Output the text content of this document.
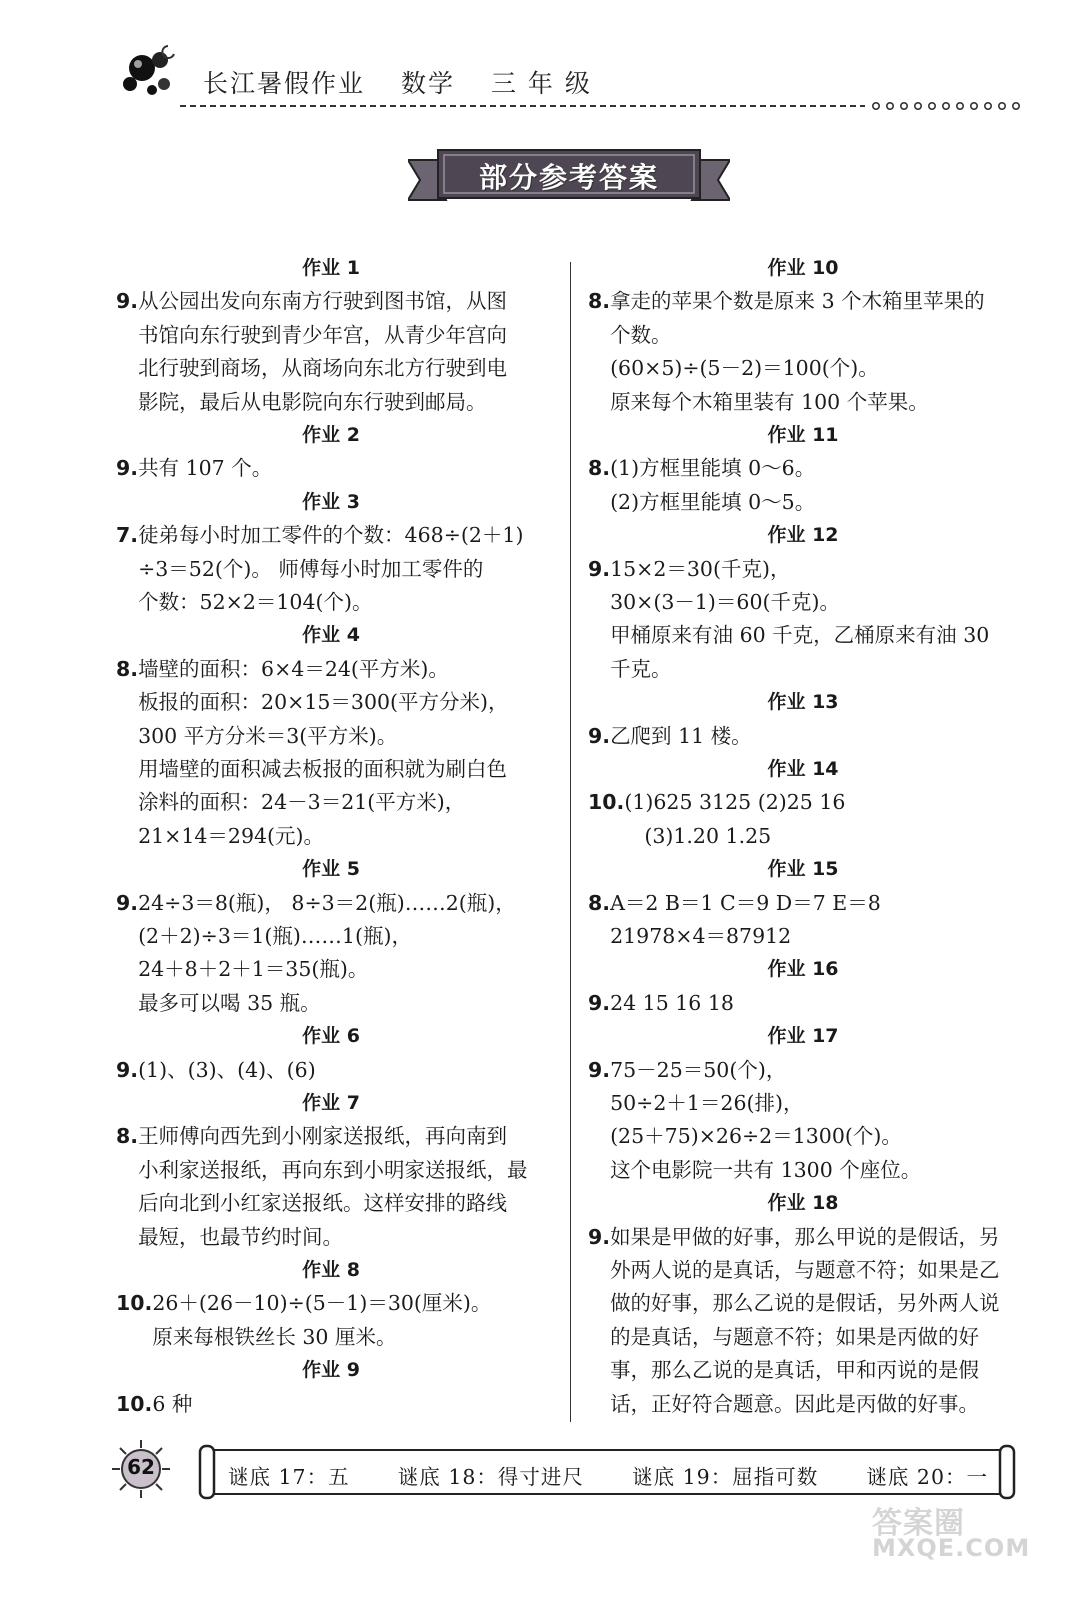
长江暑假作业 数学 三 年 级
部分参考答案
作业 1
9. 从公园出发向东南方行驶到图书馆，从图
书馆向东行驶到青少年宫，从青少年宫向
北行驶到商场，从商场向东北方行驶到电
影院，最后从电影院向东行驶到邮局。
作业 2
9. 共有 107 个。
作业 3
7. 徒弟每小时加工零件的个数：468÷(2＋1)
÷3＝52(个)。 师傅每小时加工零件的
个数：52×2＝104(个)。
作业 4
8. 墙壁的面积：6×4＝24(平方米)。
板报的面积：20×15＝300(平方分米)，
300 平方分米＝3(平方米)。
用墙壁的面积减去板报的面积就为刷白色
涂料的面积：24－3＝21(平方米)，
21×14＝294(元)。
作业 5
9. 24÷3＝8(瓶)， 8÷3＝2(瓶)……2(瓶)，
(2＋2)÷3＝1(瓶)……1(瓶)，
24＋8＋2＋1＝35(瓶)。
最多可以喝 35 瓶。
作业 6
9. (1)、(3)、(4)、(6)
作业 7
8. 王师傅向西先到小刚家送报纸，再向南到
小利家送报纸，再向东到小明家送报纸，最
后向北到小红家送报纸。这样安排的路线
最短，也最节约时间。
作业 8
10. 26＋(26－10)÷(5－1)＝30(厘米)。
原来每根铁丝长 30 厘米。
作业 9
10. 6 种
作业 10
8. 拿走的苹果个数是原来 3 个木箱里苹果的
个数。
(60×5)÷(5－2)＝100(个)。
原来每个木箱里装有 100 个苹果。
作业 11
8. (1)方框里能填 0～6。
(2)方框里能填 0～5。
作业 12
9. 15×2＝30(千克)，
30×(3－1)＝60(千克)。
甲桶原来有油 60 千克，乙桶原来有油 30
千克。
作业 13
9. 乙爬到 11 楼。
作业 14
10. (1)625 3125 (2)25 16
(3)1.20 1.25
作业 15
8. A＝2 B＝1 C＝9 D＝7 E＝8
21978×4＝87912
作业 16
9. 24 15 16 18
作业 17
9. 75－25＝50(个)，
50÷2＋1＝26(排)，
(25＋75)×26÷2＝1300(个)。
这个电影院一共有 1300 个座位。
作业 18
9. 如果是甲做的好事，那么甲说的是假话，另
外两人说的是真话，与题意不符；如果是乙
做的好事，那么乙说的是假话，另外两人说
的是真话，与题意不符；如果是丙做的好
事，那么乙说的是真话，甲和丙说的是假
话，正好符合题意。因此是丙做的好事。
62	谜底 17：五 谜底 18：得寸进尺 谜底 19：屈指可数 谜底 20：一
答案圈
MXQE.COM
